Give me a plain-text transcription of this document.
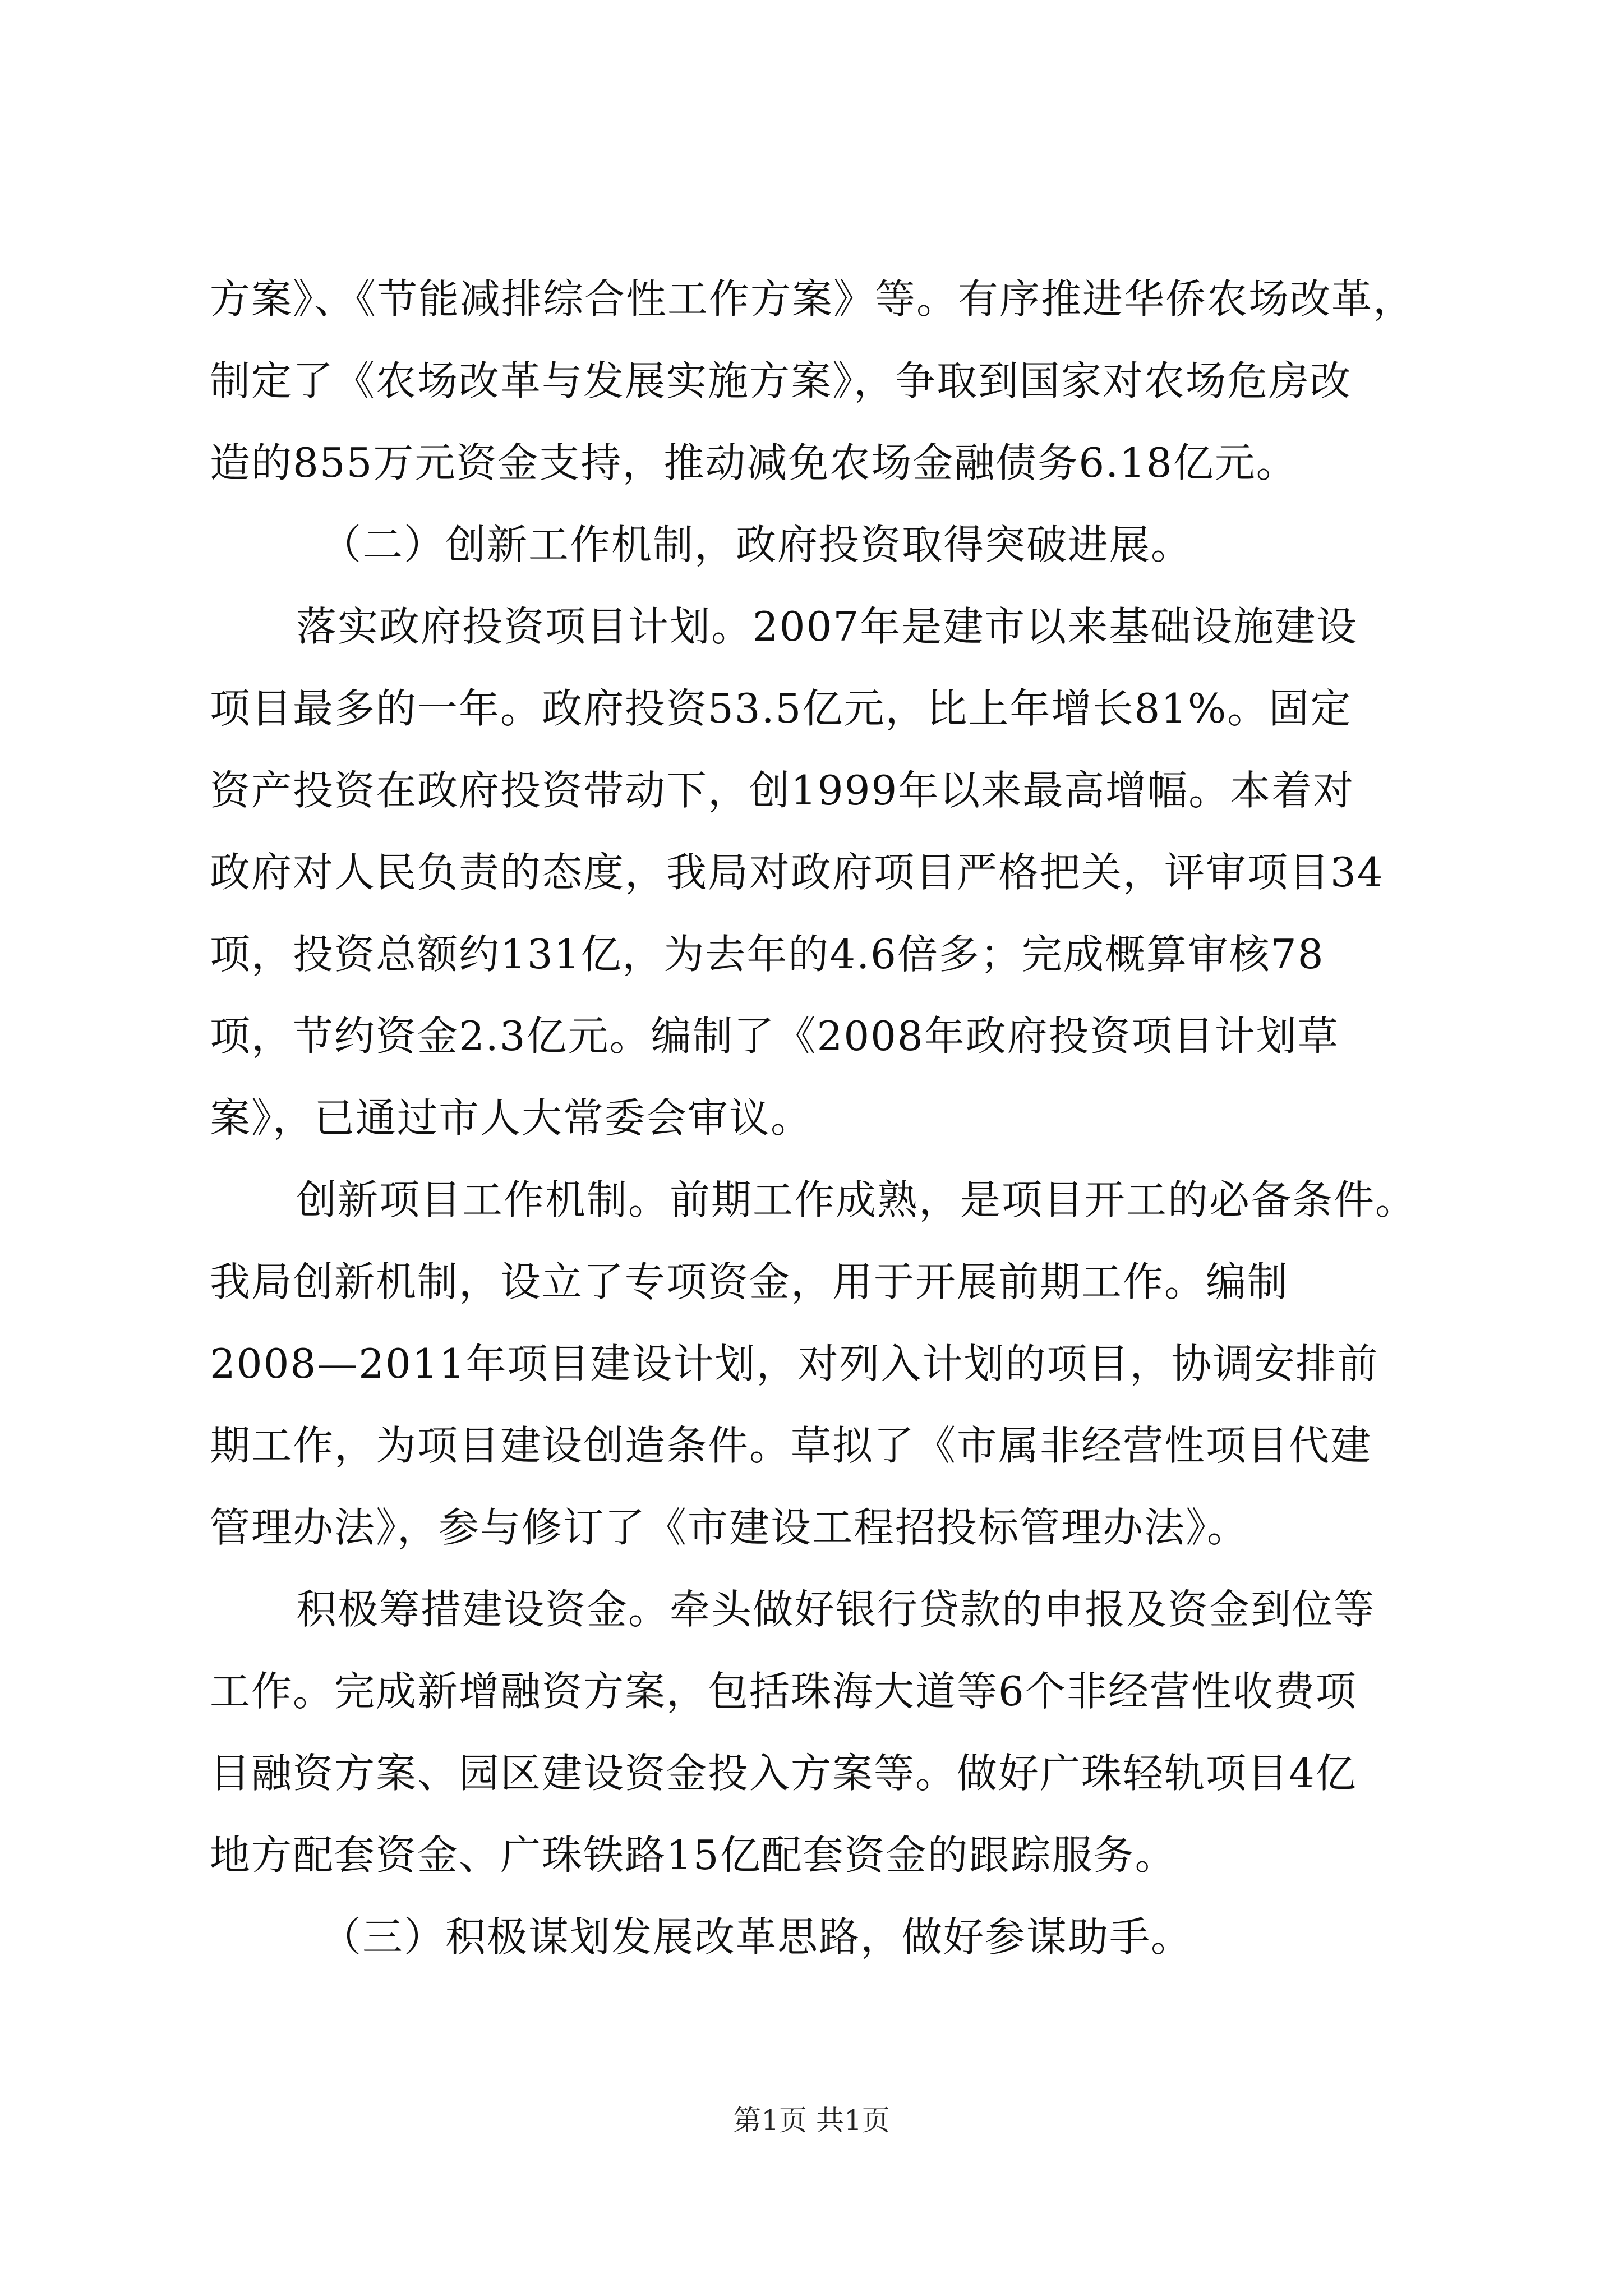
方案》、《节能减排综合性工作方案》等。有序推进华侨农场改革，
制定了《农场改革与发展实施方案》，争取到国家对农场危房改
造的855万元资金支持，推动减免农场金融债务6.18亿元。
（二）创新工作机制，政府投资取得突破进展。
落实政府投资项目计划。2007年是建市以来基础设施建设
项目最多的一年。政府投资53.5亿元，比上年增长81%。固定
资产投资在政府投资带动下，创1999年以来最高增幅。本着对
政府对人民负责的态度，我局对政府项目严格把关，评审项目34
项，投资总额约131亿，为去年的4.6倍多；完成概算审核78
项，节约资金2.3亿元。编制了《2008年政府投资项目计划草
案》，已通过市人大常委会审议。
创新项目工作机制。前期工作成熟，是项目开工的必备条件。
我局创新机制，设立了专项资金，用于开展前期工作。编制
2008—2011年项目建设计划，对列入计划的项目，协调安排前
期工作，为项目建设创造条件。草拟了《市属非经营性项目代建
管理办法》，参与修订了《市建设工程招投标管理办法》。
积极筹措建设资金。牵头做好银行贷款的申报及资金到位等
工作。完成新增融资方案，包括珠海大道等6个非经营性收费项
目融资方案、园区建设资金投入方案等。做好广珠轻轨项目4亿
地方配套资金、广珠铁路15亿配套资金的跟踪服务。
（三）积极谋划发展改革思路，做好参谋助手。
第1页 共1页
